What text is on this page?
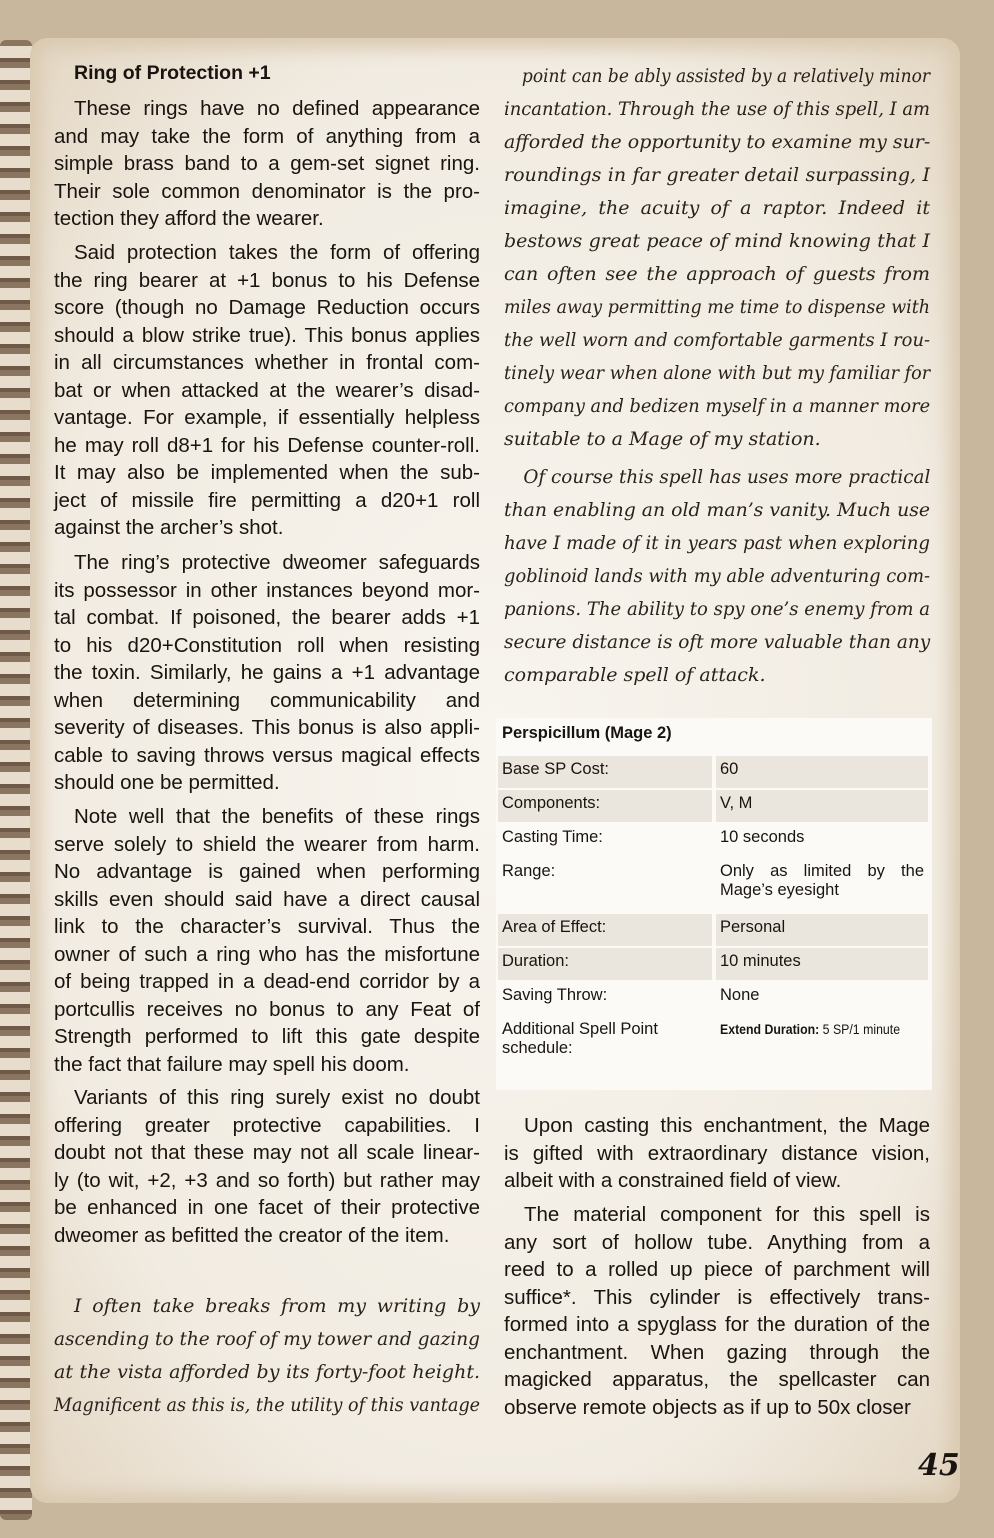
Ring of Protection +1
These rings have no defined appearance
and may take the form of anything from a
simple brass band to a gem-set signet ring.
Their sole common denominator is the pro-
tection they afford the wearer.
Said protection takes the form of offering
the ring bearer at +1 bonus to his Defense
score (though no Damage Reduction occurs
should a blow strike true). This bonus applies
in all circumstances whether in frontal com-
bat or when attacked at the wearer’s disad-
vantage. For example, if essentially helpless
he may roll d8+1 for his Defense counter-roll.
It may also be implemented when the sub-
ject of missile fire permitting a d20+1 roll
against the archer’s shot.
The ring’s protective dweomer safeguards
its possessor in other instances beyond mor-
tal combat. If poisoned, the bearer adds +1
to his d20+Constitution roll when resisting
the toxin. Similarly, he gains a +1 advantage
when determining communicability and
severity of diseases. This bonus is also appli-
cable to saving throws versus magical effects
should one be permitted.
Note well that the benefits of these rings
serve solely to shield the wearer from harm.
No advantage is gained when performing
skills even should said have a direct causal
link to the character’s survival. Thus the
owner of such a ring who has the misfortune
of being trapped in a dead-end corridor by a
portcullis receives no bonus to any Feat of
Strength performed to lift this gate despite
the fact that failure may spell his doom.
Variants of this ring surely exist no doubt
offering greater protective capabilities. I
doubt not that these may not all scale linear-
ly (to wit, +2, +3 and so forth) but rather may
be enhanced in one facet of their protective
dweomer as befitted the creator of the item.
I often take breaks from my writing by
ascending to the roof of my tower and gazing
at the vista afforded by its forty-foot height.
Magnificent as this is, the utility of this vantage
point can be ably assisted by a relatively minor
incantation. Through the use of this spell, I am
afforded the opportunity to examine my sur-
roundings in far greater detail surpassing, I
imagine, the acuity of a raptor. Indeed it
bestows great peace of mind knowing that I
can often see the approach of guests from
miles away permitting me time to dispense with
the well worn and comfortable garments I rou-
tinely wear when alone with but my familiar for
company and bedizen myself in a manner more
suitable to a Mage of my station.
Of course this spell has uses more practical
than enabling an old man’s vanity. Much use
have I made of it in years past when exploring
goblinoid lands with my able adventuring com-
panions. The ability to spy one’s enemy from a
secure distance is oft more valuable than any
comparable spell of attack.
Upon casting this enchantment, the Mage
is gifted with extraordinary distance vision,
albeit with a constrained field of view.
The material component for this spell is
any sort of hollow tube. Anything from a
reed to a rolled up piece of parchment will
suffice*. This cylinder is effectively trans-
formed into a spyglass for the duration of the
enchantment. When gazing through the
magicked apparatus, the spellcaster can
observe remote objects as if up to 50x closer
Perspicillum (Mage 2)
Base SP Cost:	60
Components:	V, M
Casting Time:	10 seconds
Range:	Only as limited by the Mage’s eyesight
Area of Effect:	Personal
Duration:	10 minutes
Saving Throw:	None
Additional Spell Point schedule:
Extend Duration: 5 SP/1 minute
45
